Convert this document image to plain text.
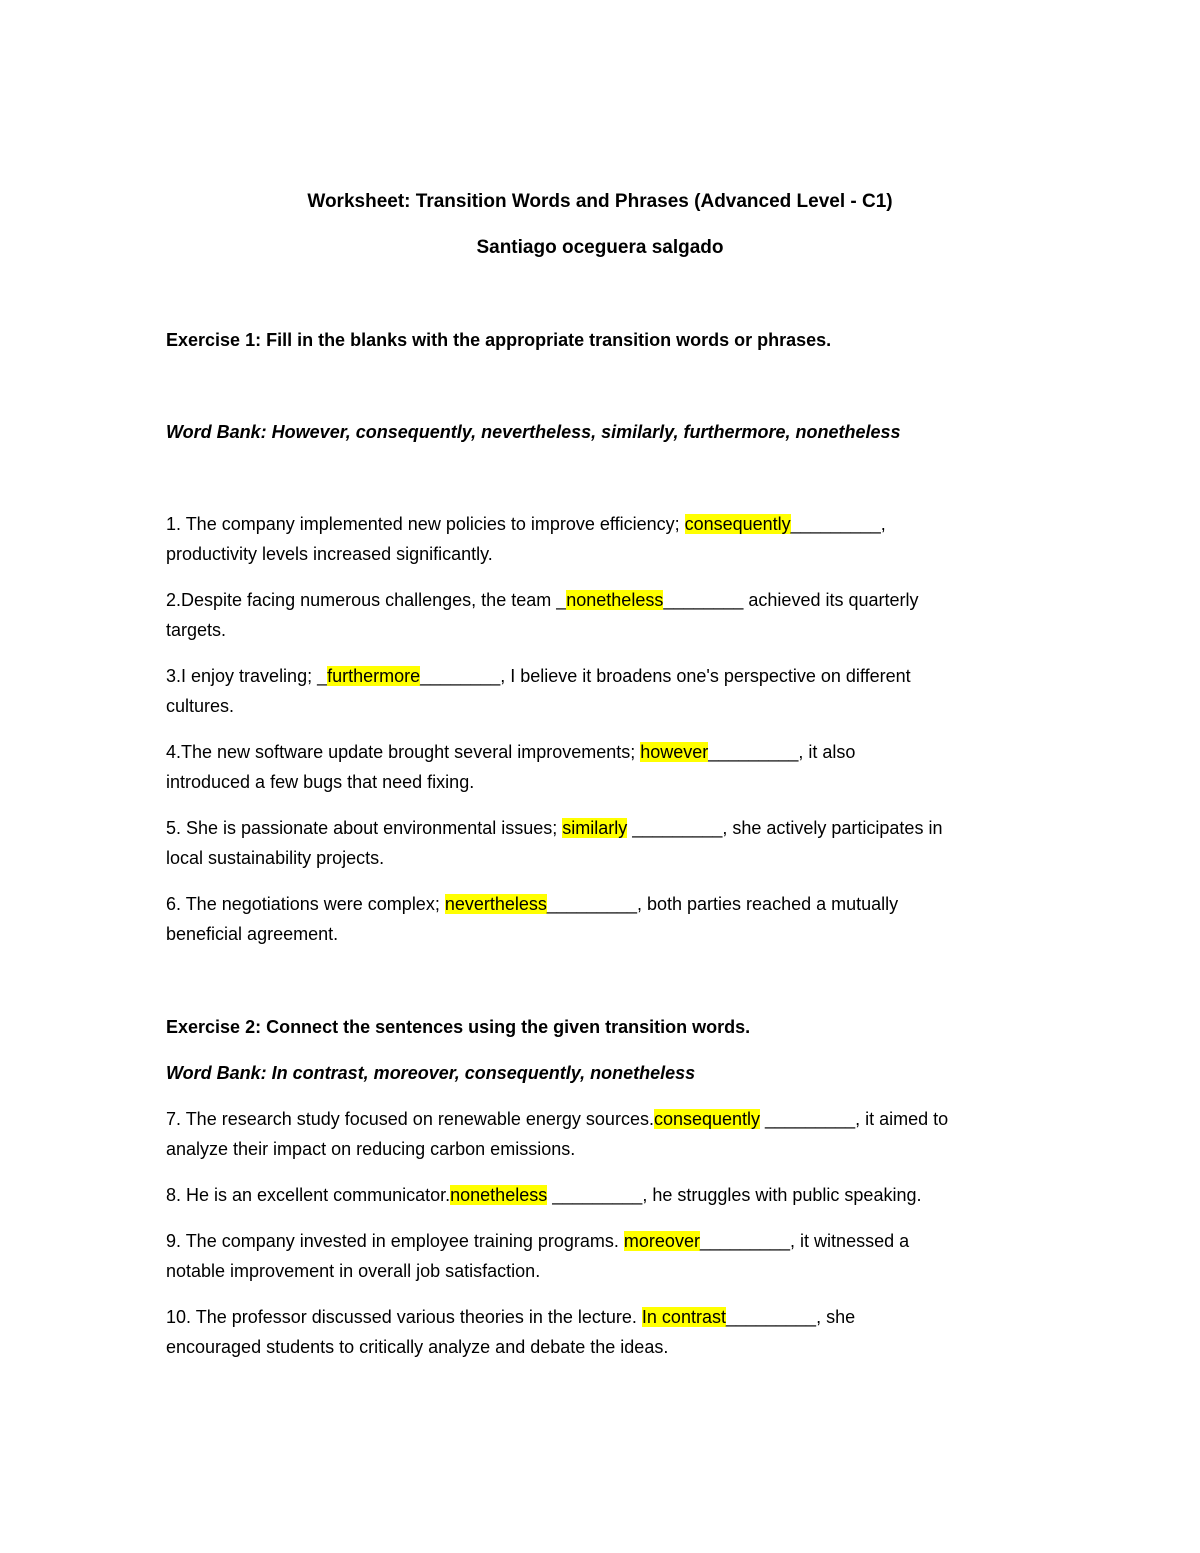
Worksheet: Transition Words and Phrases (Advanced Level - C1)
Santiago oceguera salgado
Exercise 1: Fill in the blanks with the appropriate transition words or phrases.
Word Bank: However, consequently, nevertheless, similarly, furthermore, nonetheless
1. The company implemented new policies to improve efficiency; consequently_________,
productivity levels increased significantly.
2.Despite facing numerous challenges, the team _nonetheless________ achieved its quarterly
targets.
3.I enjoy traveling; _furthermore________, I believe it broadens one's perspective on different
cultures.
4.The new software update brought several improvements; however_________, it also
introduced a few bugs that need fixing.
5. She is passionate about environmental issues; similarly _________, she actively participates in
local sustainability projects.
6. The negotiations were complex; nevertheless_________, both parties reached a mutually
beneficial agreement.
Exercise 2: Connect the sentences using the given transition words.
Word Bank: In contrast, moreover, consequently, nonetheless
7. The research study focused on renewable energy sources.consequently _________, it aimed to
analyze their impact on reducing carbon emissions.
8. He is an excellent communicator.nonetheless _________, he struggles with public speaking.
9. The company invested in employee training programs. moreover_________, it witnessed a
notable improvement in overall job satisfaction.
10. The professor discussed various theories in the lecture. In contrast_________, she
encouraged students to critically analyze and debate the ideas.
